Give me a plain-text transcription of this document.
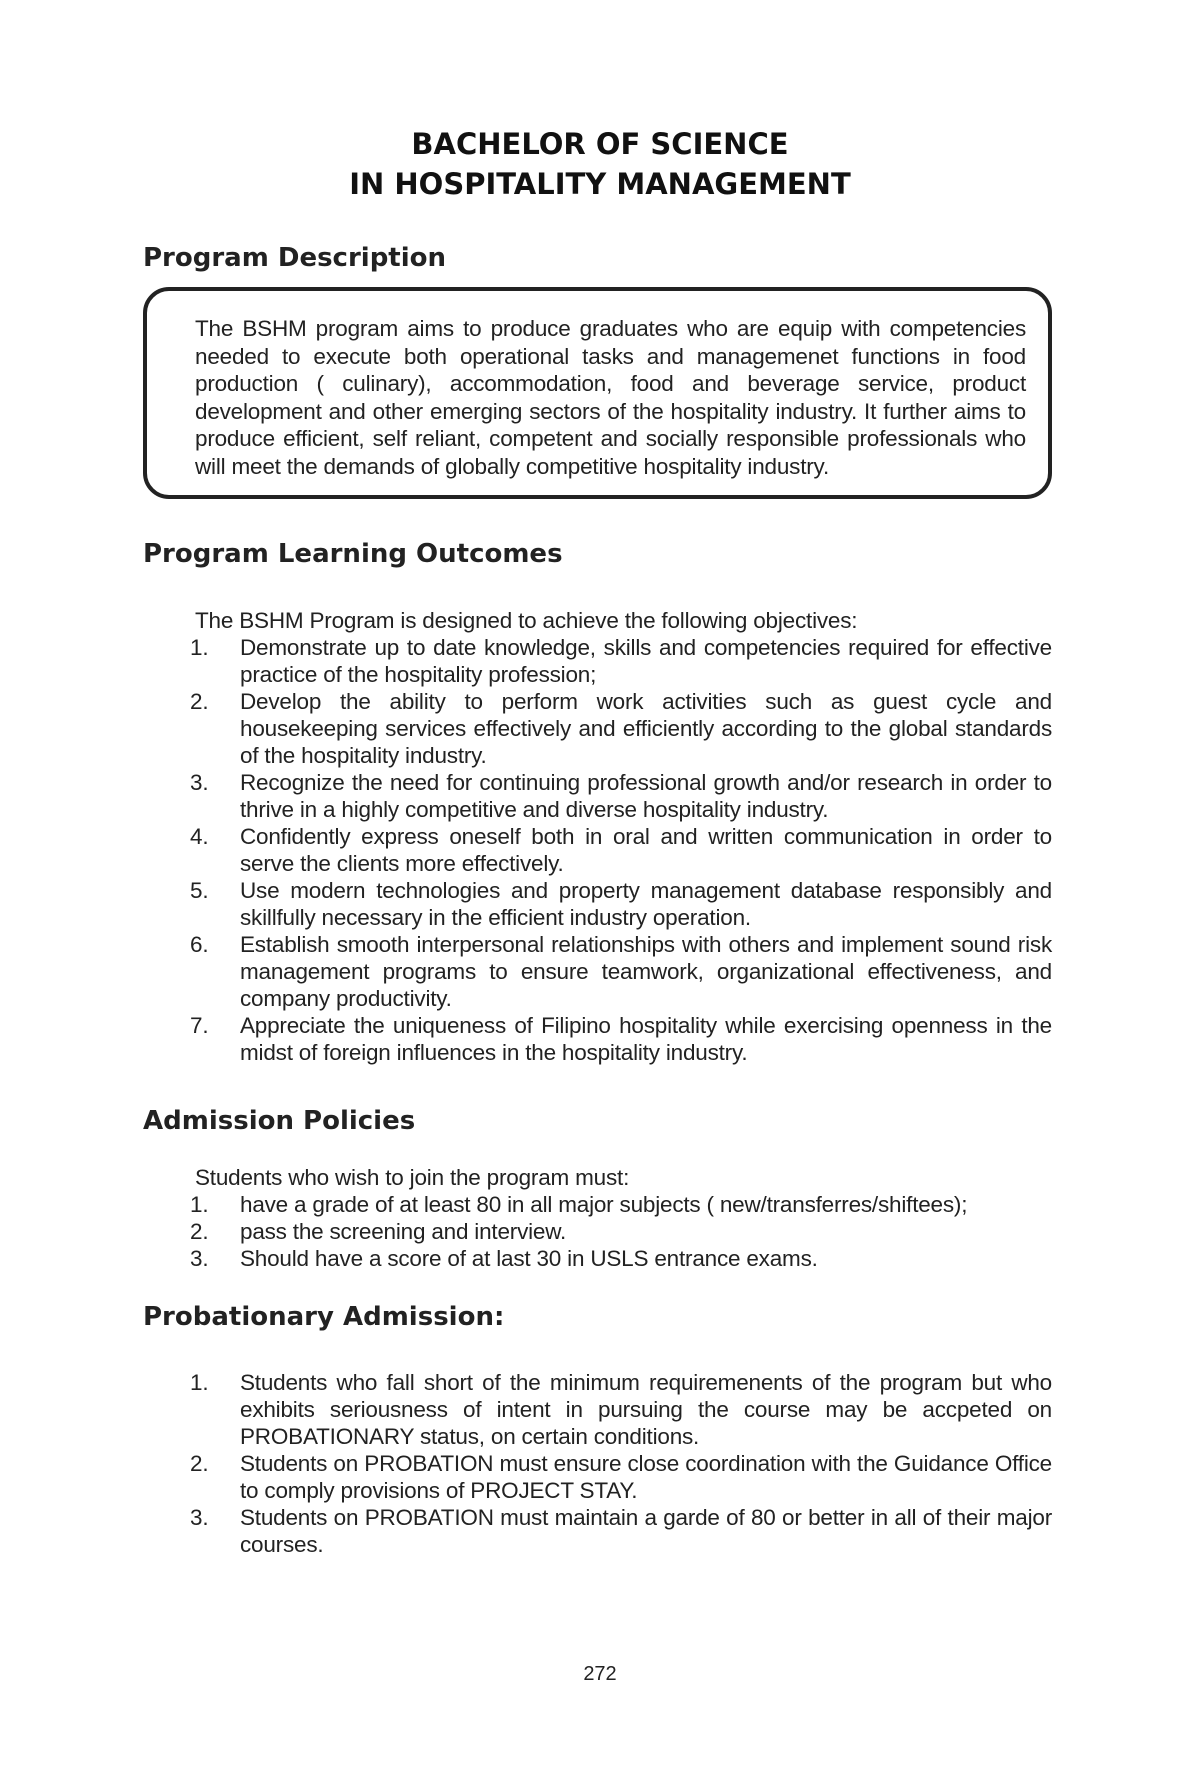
BACHELOR OF SCIENCE
IN HOSPITALITY MANAGEMENT
Program Description

The BSHM program aims to produce graduates who are equip with competencies needed to execute both operational tasks and managemenet functions in food production ( culinary), accommodation, food and beverage service, product development and other emerging sectors of the hospitality industry. It further aims to produce efficient, self reliant, competent and socially responsible professionals who will meet the demands of globally competitive hospitality industry.

Program Learning Outcomes

The BSHM Program is designed to achieve the following objectives:

1. Demonstrate up to date knowledge, skills and competencies required for effective practice of the hospitality profession;
2. Develop the ability to perform work activities such as guest cycle and housekeeping services effectively and efficiently according to the global standards of the hospitality industry.
3. Recognize the need for continuing professional growth and/or research in order to thrive in a highly competitive and diverse hospitality industry.
4. Confidently express oneself both in oral and written communication in order to serve the clients more effectively.
5. Use modern technologies and property management database responsibly and skillfully necessary in the efficient industry operation.
6. Establish smooth interpersonal relationships with others and implement sound risk management programs to ensure teamwork, organizational effectiveness, and company productivity.
7. Appreciate the uniqueness of Filipino hospitality while exercising openness in the midst of foreign influences in the hospitality industry.
Admission Policies

Students who wish to join the program must:

1. have a grade of at least 80 in all major subjects ( new/transferres/shiftees);
2. pass the screening and interview.
3. Should have a score of at last 30 in USLS entrance exams.
Probationary Admission:
1. Students who fall short of the minimum requiremenents of the program but who exhibits seriousness of intent in pursuing the course may be accpeted on PROBATIONARY status, on certain conditions.
2. Students on PROBATION must ensure close coordination with the Guidance Office to comply provisions of PROJECT STAY.
3. Students on PROBATION must maintain a garde of 80 or better in all of their major courses.
272
